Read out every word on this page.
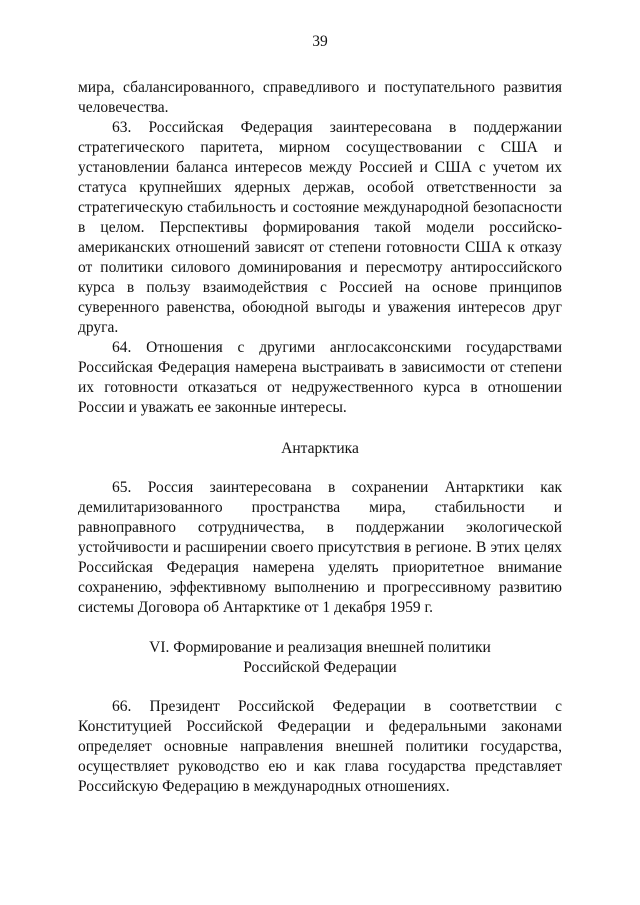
39

мира, сбалансированного, справедливого и поступательного развития человечества.

63. Российская Федерация заинтересована в поддержании стратегического паритета, мирном сосуществовании с США и установлении баланса интересов между Россией и США с учетом их статуса крупнейших ядерных держав, особой ответственности за стратегическую стабильность и состояние международной безопасности в целом. Перспективы формирования такой модели российско-американских отношений зависят от степени готовности США к отказу от политики силового доминирования и пересмотру антироссийского курса в пользу взаимодействия с Россией на основе принципов суверенного равенства, обоюдной выгоды и уважения интересов друг друга.

64. Отношения с другими англосаксонскими государствами Российская Федерация намерена выстраивать в зависимости от степени их готовности отказаться от недружественного курса в отношении России и уважать ее законные интересы.

Антарктика

65. Россия заинтересована в сохранении Антарктики как демилитаризованного пространства мира, стабильности и равноправного сотрудничества, в поддержании экологической устойчивости и расширении своего присутствия в регионе. В этих целях Российская Федерация намерена уделять приоритетное внимание сохранению, эффективному выполнению и прогрессивному развитию системы Договора об Антарктике от 1 декабря 1959 г.

VI. Формирование и реализация внешней политики

Российской Федерации

66. Президент Российской Федерации в соответствии с Конституцией Российской Федерации и федеральными законами определяет основные направления внешней политики государства, осуществляет руководство ею и как глава государства представляет Российскую Федерацию в международных отношениях.
